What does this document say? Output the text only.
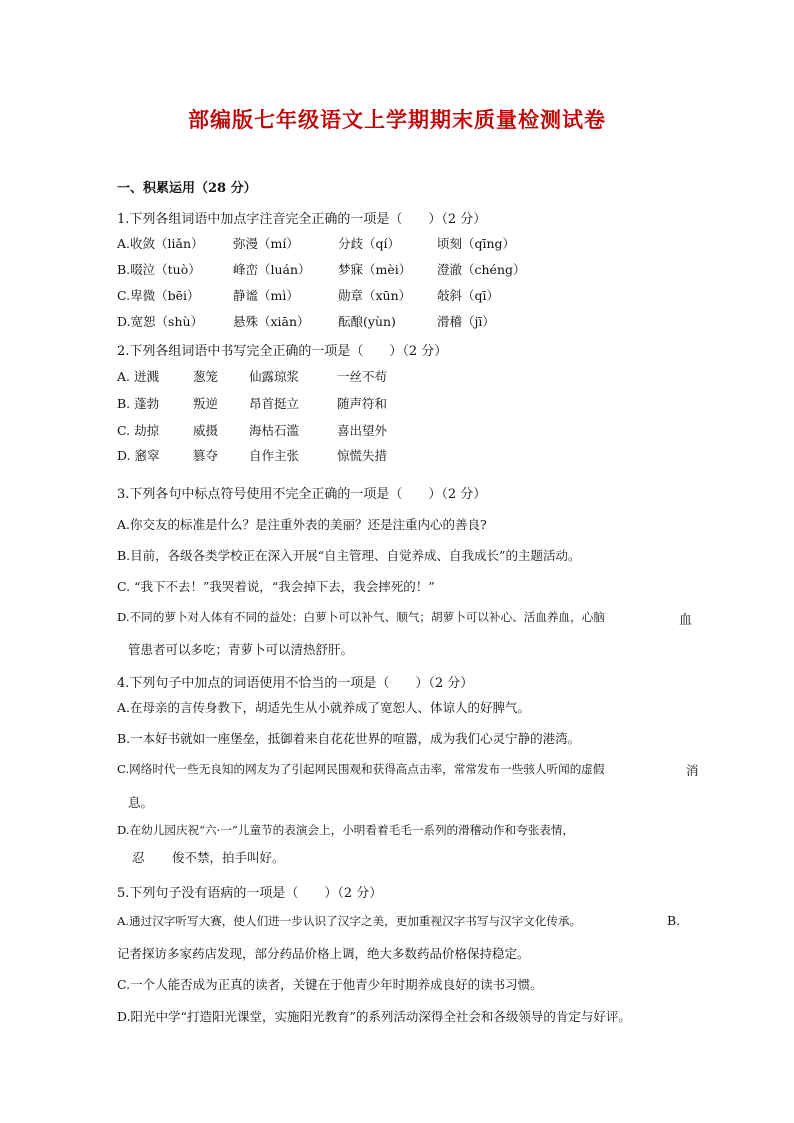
部编版七年级语文上学期期末质量检测试卷
一、积累运用（28 分）
1.下列各组词语中加点字注音完全正确的一项是（　　）（2 分）
A.收敛（liǎn） 弥漫（mí）	分歧（qí）	顷刻（qīng）
B.啜泣（tuò）	峰峦（luán） 梦寐（mèi） 澄澈（chéng）
C.卑微（bēi）	静谧（mì）	勋章（xūn） 敧斜（qī）
D.宽恕（shù） 悬殊（xiān） 酝酿(yùn)	滑稽（jī）
2.下列各组词语中书写完全正确的一项是（　　）（2 分）
A. 迸溅	葱笼 仙露琼浆	一丝不苟
B. 蓬勃	叛逆 昂首挺立	随声符和
C. 劫掠	威摄 海枯石滥	喜出望外
D. 窸窣	篡夺 自作主张	惊慌失措
3.下列各句中标点符号使用不完全正确的一项是（　　）（2 分）
A.你交友的标准是什么？是注重外表的美丽？还是注重内心的善良?
B.目前，各级各类学校正在深入开展“自主管理、自觉养成、自我成长”的主题活动。
C. “我下不去！”我哭着说，“我会掉下去，我会摔死的！”
D.不同的萝卜对人体有不同的益处：白萝卜可以补气、顺气；胡萝卜可以补心、活血养血，心脑	血
管患者可以多吃；青萝卜可以清热舒肝。
4.下列句子中加点的词语使用不恰当的一项是（　　）（2 分）
A.在母亲的言传身教下，胡适先生从小就养成了宽恕人、体谅人的好脾气。
B.一本好书就如一座堡垒，抵御着来自花花世界的喧嚣，成为我们心灵宁静的港湾。
C.网络时代一些无良知的网友为了引起网民围观和获得高点击率，常常发布一些骇人听闻的虚假	消
息。
D.在幼儿园庆祝“六·一”儿童节的表演会上，小明看着毛毛一系列的滑稽动作和夸张表情，
忍 俊不禁，拍手叫好。
5.下列句子没有语病的一项是（　　）（2 分）
A.通过汉字听写大赛，使人们进一步认识了汉字之美，更加重视汉字书写与汉字文化传承。	B.
记者探访多家药店发现，部分药品价格上调，绝大多数药品价格保持稳定。
C.一个人能否成为正真的读者，关键在于他青少年时期养成良好的读书习惯。
D.阳光中学“打造阳光课堂，实施阳光教育”的系列活动深得全社会和各级领导的肯定与好评。
